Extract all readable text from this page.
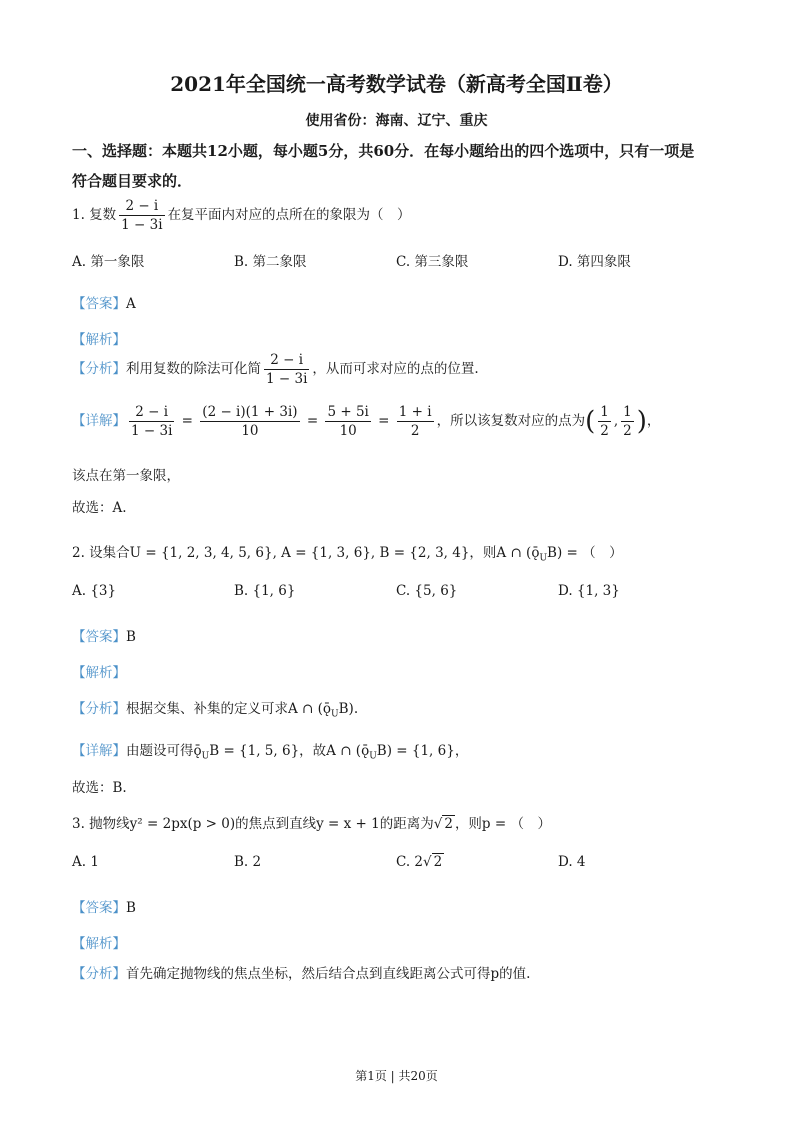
2021年全国统一高考数学试卷（新高考全国Ⅱ卷）
使用省份：海南、辽宁、重庆
一、选择题：本题共12小题，每小题5分，共60分．在每小题给出的四个选项中，只有一项是
符合题目要求的．
1. 复数 $\frac{2 - i}{1 - 3i}$ 在复平面内对应的点所在的象限为（　）
A. 第一象限	B. 第二象限	C. 第三象限	D. 第四象限
【答案】A
【解析】
【分析】利用复数的除法可化简 $\frac{2 - i}{1 - 3i}$ ，从而可求对应的点的位置.
【详解】 $\frac{2 - i}{1 - 3i} = \frac{(2 - i)(1 + 3i)}{10} = \frac{5 + 5i}{10} = \frac{1 + i}{2}$ ，所以该复数对应的点为( $\frac{1}{2}$ , $\frac{1}{2}$ )，
该点在第一象限，
故选：A.
2. 设集合U = {1, 2, 3, 4, 5, 6}, A = {1, 3, 6}, B = {2, 3, 4}，则A ∩ $(ǭ_UB)$ = （　）
A. {3}	B. {1, 6}	C. {5, 6}	D. {1, 3}
【答案】B
【解析】
【分析】根据交集、补集的定义可求A ∩ $(ǭ_UB)$.
【详解】由题设可得$ǭ_UB = \{1$, 5, 6}，故A ∩ $(ǭ_UB) = \{1$, 6}，
故选：B.
3. 抛物线y² = 2px(p > 0)的焦点到直线y = x + 1的距离为√ 2 ，则p = （　）
A. 1	B. 2	C. 2√ 2	D. 4
【答案】B
【解析】
【分析】首先确定抛物线的焦点坐标，然后结合点到直线距离公式可得p的值.
第1页 | 共20页
